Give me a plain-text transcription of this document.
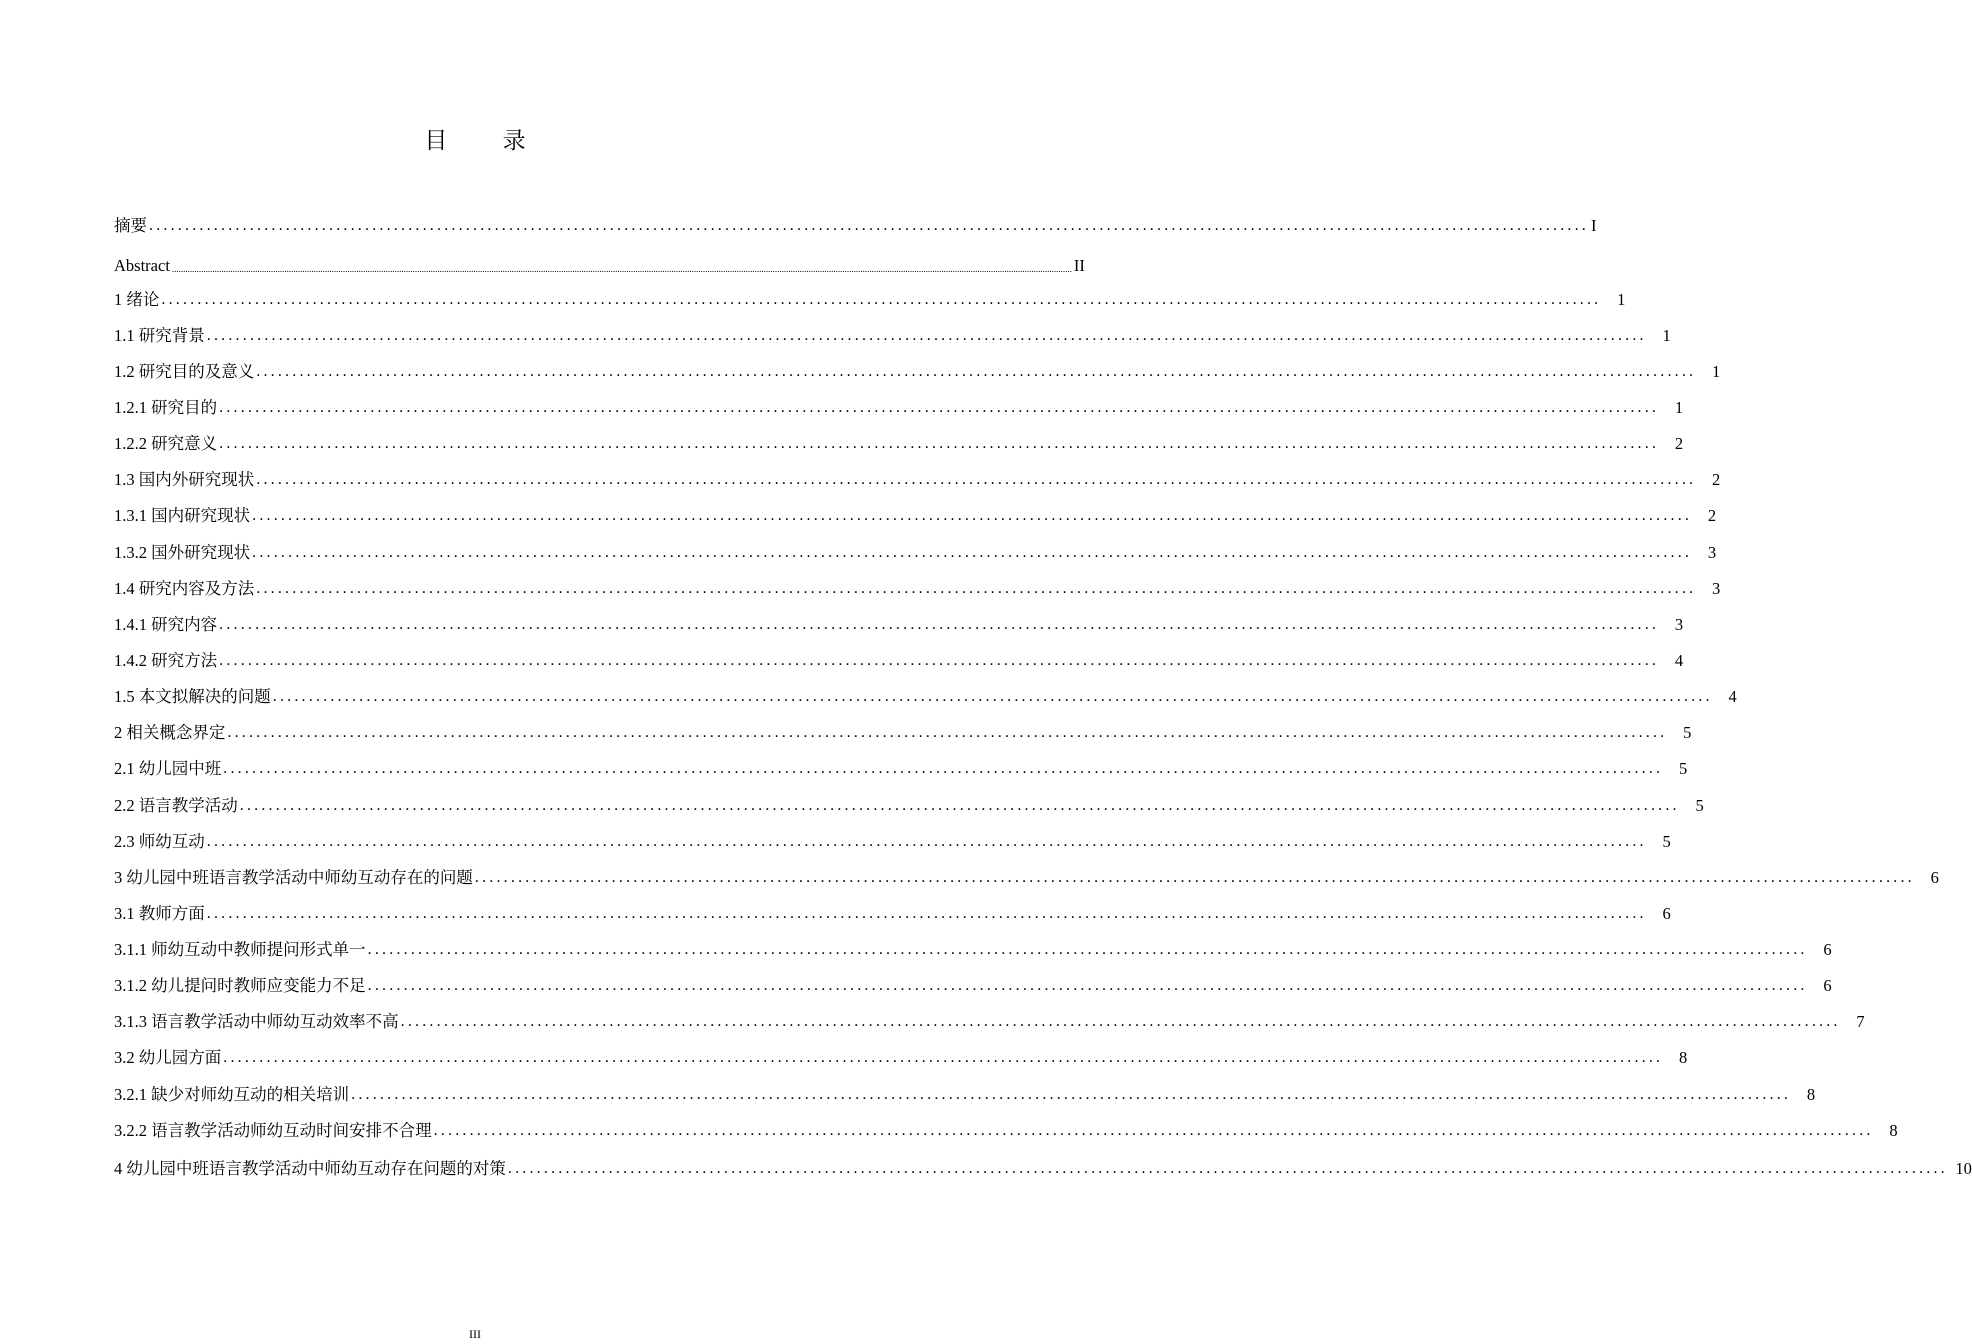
目 录
摘要 ........................................................................................................................................................................................................ I
Abstract ................................................................................................................................................................................................................................................................................................................................................................................................................ II
1 绪论 ........................................................................................................................................................................................................ 1
1.1 研究背景 ........................................................................................................................................................................................................ 1
1.2 研究目的及意义 ........................................................................................................................................................................................................ 1
1.2.1 研究目的 ........................................................................................................................................................................................................ 1
1.2.2 研究意义 ........................................................................................................................................................................................................ 2
1.3 国内外研究现状 ........................................................................................................................................................................................................ 2
1.3.1 国内研究现状 ........................................................................................................................................................................................................ 2
1.3.2 国外研究现状 ........................................................................................................................................................................................................ 3
1.4 研究内容及方法 ........................................................................................................................................................................................................ 3
1.4.1 研究内容 ........................................................................................................................................................................................................ 3
1.4.2 研究方法 ........................................................................................................................................................................................................ 4
1.5 本文拟解决的问题 ........................................................................................................................................................................................................ 4
2 相关概念界定 ........................................................................................................................................................................................................ 5
2.1 幼儿园中班 ........................................................................................................................................................................................................ 5
2.2 语言教学活动 ........................................................................................................................................................................................................ 5
2.3 师幼互动 ........................................................................................................................................................................................................ 5
3 幼儿园中班语言教学活动中师幼互动存在的问题 ........................................................................................................................................................................................................ 6
3.1 教师方面 ........................................................................................................................................................................................................ 6
3.1.1 师幼互动中教师提问形式单一 ........................................................................................................................................................................................................ 6
3.1.2 幼儿提问时教师应变能力不足 ........................................................................................................................................................................................................ 6
3.1.3 语言教学活动中师幼互动效率不高 ........................................................................................................................................................................................................ 7
3.2 幼儿园方面 ........................................................................................................................................................................................................ 8
3.2.1 缺少对师幼互动的相关培训 ........................................................................................................................................................................................................ 8
3.2.2 语言教学活动师幼互动时间安排不合理 ........................................................................................................................................................................................................ 8
4 幼儿园中班语言教学活动中师幼互动存在问题的对策 ........................................................................................................................................................................................................ 10
III
